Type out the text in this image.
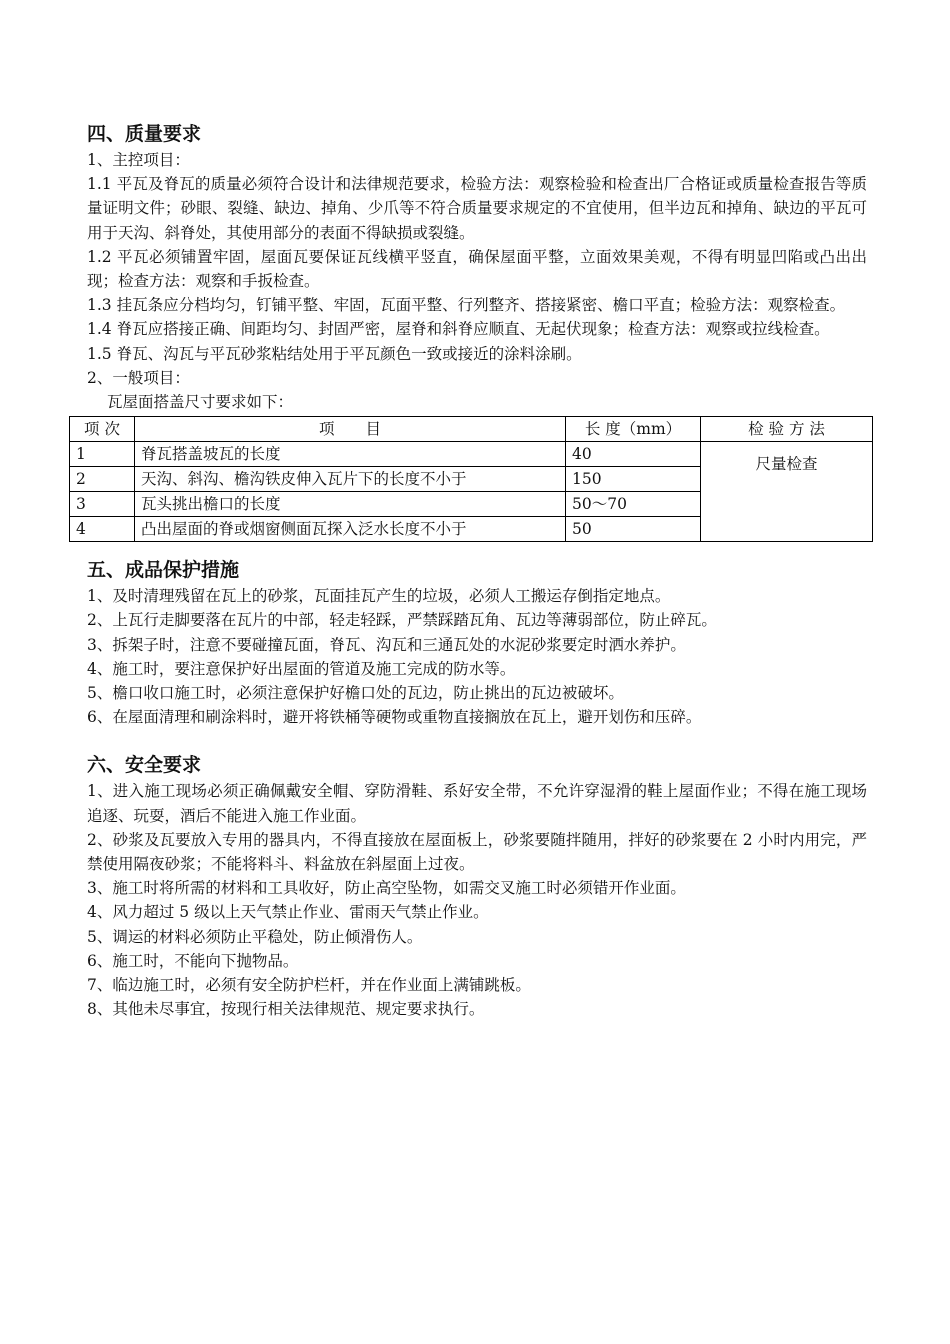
四、质量要求

1、主控项目：

1.1 平瓦及脊瓦的质量必须符合设计和法律规范要求，检验方法：观察检验和检查出厂合格证或质量检查报告等质量证明文件；砂眼、裂缝、缺边、掉角、少爪等不符合质量要求规定的不宜使用，但半边瓦和掉角、缺边的平瓦可用于天沟、斜脊处，其使用部分的表面不得缺损或裂缝。

1.2 平瓦必须铺置牢固，屋面瓦要保证瓦线横平竖直，确保屋面平整，立面效果美观，不得有明显凹陷或凸出出现；检查方法：观察和手扳检查。

1.3 挂瓦条应分档均匀，钉铺平整、牢固，瓦面平整、行列整齐、搭接紧密、檐口平直；检验方法：观察检查。

1.4 脊瓦应搭接正确、间距均匀、封固严密，屋脊和斜脊应顺直、无起伏现象；检查方法：观察或拉线检查。

1.5 脊瓦、沟瓦与平瓦砂浆粘结处用于平瓦颜色一致或接近的涂料涂刷。

2、一般项目：

瓦屋面搭盖尺寸要求如下：

项 次	项　　目	长 度（mm）	检 验 方 法
1	脊瓦搭盖坡瓦的长度	40	尺量检查
2	天沟、斜沟、檐沟铁皮伸入瓦片下的长度不小于	150	
3	瓦头挑出檐口的长度	50～70	
4	凸出屋面的脊或烟窗侧面瓦探入泛水长度不小于	50	
五、成品保护措施

1、及时清理残留在瓦上的砂浆，瓦面挂瓦产生的垃圾，必须人工搬运存倒指定地点。

2、上瓦行走脚要落在瓦片的中部，轻走轻踩，严禁踩踏瓦角、瓦边等薄弱部位，防止碎瓦。

3、拆架子时，注意不要碰撞瓦面，脊瓦、沟瓦和三通瓦处的水泥砂浆要定时洒水养护。

4、施工时，要注意保护好出屋面的管道及施工完成的防水等。

5、檐口收口施工时，必须注意保护好檐口处的瓦边，防止挑出的瓦边被破坏。

6、在屋面清理和刷涂料时，避开将铁桶等硬物或重物直接搁放在瓦上，避开划伤和压碎。

六、安全要求

1、进入施工现场必须正确佩戴安全帽、穿防滑鞋、系好安全带，不允许穿湿滑的鞋上屋面作业；不得在施工现场追逐、玩耍，酒后不能进入施工作业面。

2、砂浆及瓦要放入专用的器具内，不得直接放在屋面板上，砂浆要随拌随用，拌好的砂浆要在 2 小时内用完，严禁使用隔夜砂浆；不能将料斗、料盆放在斜屋面上过夜。

3、施工时将所需的材料和工具收好，防止高空坠物，如需交叉施工时必须错开作业面。

4、风力超过 5 级以上天气禁止作业、雷雨天气禁止作业。

5、调运的材料必须防止平稳处，防止倾滑伤人。

6、施工时，不能向下抛物品。

7、临边施工时，必须有安全防护栏杆，并在作业面上满铺跳板。

8、其他未尽事宜，按现行相关法律规范、规定要求执行。
